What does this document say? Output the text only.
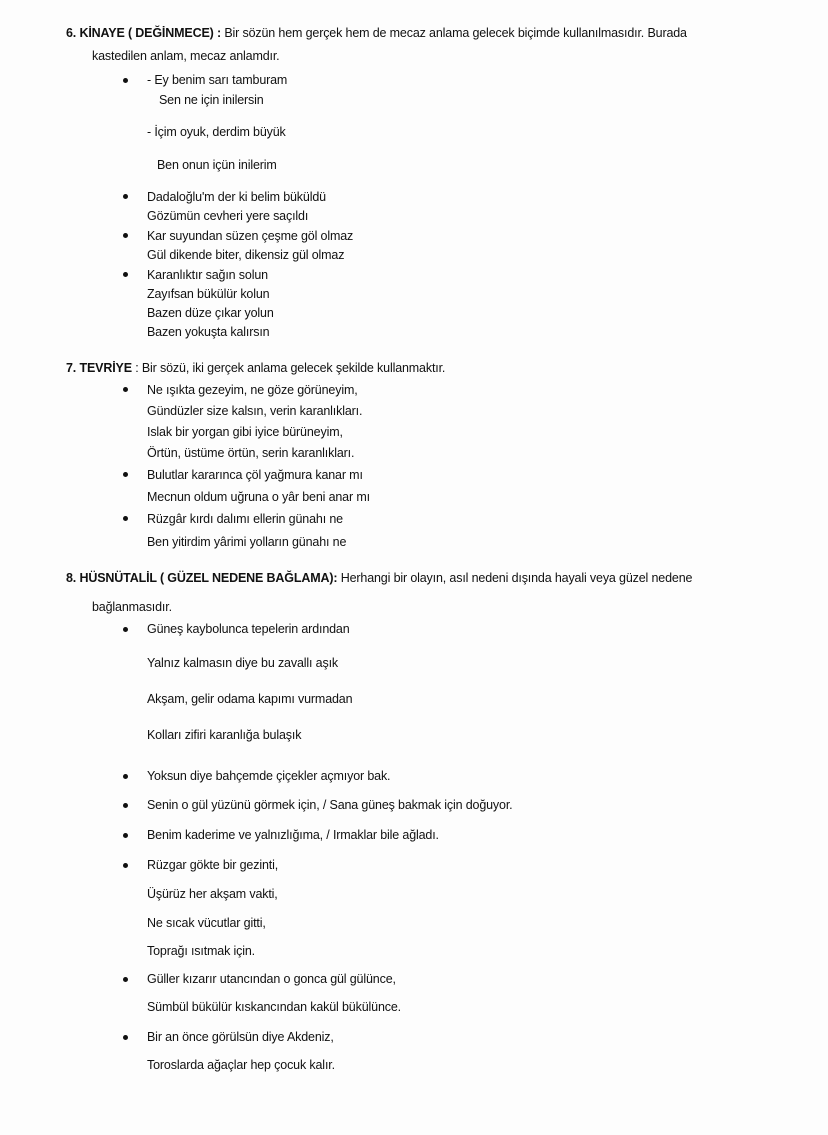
6. KİNAYE ( DEĞİNMECE) : Bir sözün hem gerçek hem de mecaz anlama gelecek biçimde kullanılmasıdır. Burada
kastedilen anlam, mecaz anlamdır.
- Ey benim sarı tamburam
Sen ne için inilersin
- İçim oyuk, derdim büyük
Ben onun içün inilerim
Dadaloğlu'm der ki belim büküldü
Gözümün cevheri yere saçıldı
Kar suyundan süzen çeşme göl olmaz
Gül dikende biter, dikensiz gül olmaz
Karanlıktır sağın solun
Zayıfsan bükülür kolun
Bazen düze çıkar yolun
Bazen yokuşta kalırsın
7. TEVRİYE : Bir sözü, iki gerçek anlama gelecek şekilde kullanmaktır.
Ne ışıkta gezeyim, ne göze görüneyim,
Gündüzler size kalsın, verin karanlıkları.
Islak bir yorgan gibi iyice bürüneyim,
Örtün, üstüme örtün, serin karanlıkları.
Bulutlar kararınca çöl yağmura kanar mı
Mecnun oldum uğruna o yâr beni anar mı
Rüzgâr kırdı dalımı ellerin günahı ne
Ben yitirdim yârimi yolların günahı ne
8. HÜSNÜTALİL ( GÜZEL NEDENE BAĞLAMA): Herhangi bir olayın, asıl nedeni dışında hayali veya güzel nedene
bağlanmasıdır.
Güneş kaybolunca tepelerin ardından
Yalnız kalmasın diye bu zavallı aşık
Akşam, gelir odama kapımı vurmadan
Kolları zifiri karanlığa bulaşık
Yoksun diye bahçemde çiçekler açmıyor bak.
Senin o gül yüzünü görmek için, / Sana güneş bakmak için doğuyor.
Benim kaderime ve yalnızlığıma, / Irmaklar bile ağladı.
Rüzgar gökte bir gezinti,
Üşürüz her akşam vakti,
Ne sıcak vücutlar gitti,
Toprağı ısıtmak için.
Güller kızarır utancından o gonca gül gülünce,
Sümbül bükülür kıskancından kakül bükülünce.
Bir an önce görülsün diye Akdeniz,
Toroslarda ağaçlar hep çocuk kalır.
